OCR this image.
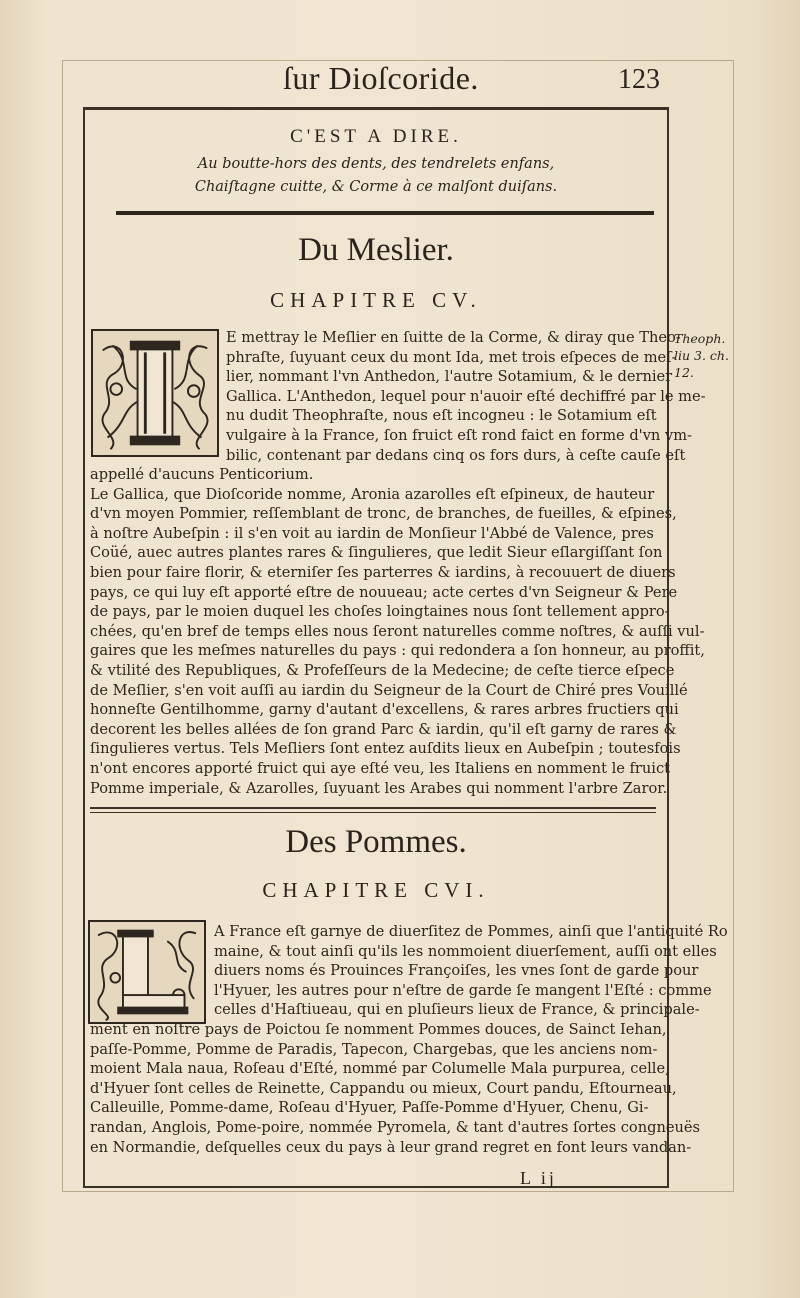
ſur Dioſcoride.	123
C'EST A DIRE.
Au boutte-hors des dents, des tendrelets enfans,
Chaiſtagne cuitte, & Corme à ce malſont duiſans.
Du Meslier.
CHAPITRE CV.
Theoph.
liu 3. ch.
12.
E mettray le Meſlier en ſuitte de la Corme, & diray que Theo-
phraſte, ſuyuant ceux du mont Ida, met trois eſpeces de meſ-
lier, nommant l'vn Anthedon, l'autre Sotamium, & le dernier
Gallica. L'Anthedon, lequel pour n'auoir eſté dechiffré par le me-
nu dudit Theophraſte, nous eſt incogneu : le Sotamium eſt
vulgaire à la France, ſon fruict eſt rond faict en forme d'vn vm-
bilic, contenant par dedans cinq os fors durs, à ceſte cauſe eſt
appellé d'aucuns Penticorium.
Le Gallica, que Dioſcoride nomme, Aronia azarolles eſt eſpineux, de hauteur
d'vn moyen Pommier, reſſemblant de tronc, de branches, de fueilles, & eſpines,
à noſtre Aubeſpin : il s'en voit au iardin de Monſieur l'Abbé de Valence, pres
Coüé, auec autres plantes rares & ſingulieres, que ledit Sieur eſlargiſſant ſon
bien pour faire florir, & eterniſer ſes parterres & iardins, à recouuert de diuers
pays, ce qui luy eſt apporté eſtre de nouueau; acte certes d'vn Seigneur & Pere
de pays, par le moien duquel les choſes loingtaines nous ſont tellement appro-
chées, qu'en bref de temps elles nous ſeront naturelles comme noſtres, & auſſi vul-
gaires que les meſmes naturelles du pays : qui redondera a ſon honneur, au proffit,
& vtilité des Republiques, & Profeſſeurs de la Medecine; de ceſte tierce eſpece
de Meſlier, s'en voit auſſi au iardin du Seigneur de la Court de Chiré pres Vouillé
honneſte Gentilhomme, garny d'autant d'excellens, & rares arbres fructiers qui
decorent les belles allées de ſon grand Parc & iardin, qu'il eſt garny de rares &
ſingulieres vertus. Tels Meſliers ſont entez auſdits lieux en Aubeſpin ; toutesfois
n'ont encores apporté fruict qui aye eſté veu, les Italiens en nomment le fruict
Pomme imperiale, & Azarolles, ſuyuant les Arabes qui nomment l'arbre Zaror.
Des Pommes.
CHAPITRE CVI.
A France eſt garnye de diuerſitez de Pommes, ainſi que l'antiquité Ro
maine, & tout ainſi qu'ils les nommoient diuerſement, auſſi ont elles
diuers noms és Prouinces Françoiſes, les vnes ſont de garde pour
l'Hyuer, les autres pour n'eſtre de garde ſe mangent l'Eſté : comme
celles d'Haſtiueau, qui en pluſieurs lieux de France, & principale-
ment en noſtre pays de Poictou ſe nomment Pommes douces, de Sainct Iehan,
paſſe-Pomme, Pomme de Paradis, Tapecon, Chargebas, que les anciens nom-
moient Mala naua, Roſeau d'Eſté, nommé par Columelle Mala purpurea, celle,
d'Hyuer ſont celles de Reinette, Cappandu ou mieux, Court pandu, Eſtourneau,
Calleuille, Pomme-dame, Roſeau d'Hyuer, Paſſe-Pomme d'Hyuer, Chenu, Gi-
randan, Anglois, Pome-poire, nommée Pyromela, & tant d'autres ſortes congneuës
en Normandie, deſquelles ceux du pays à leur grand regret en font leurs vandan-
L ij
